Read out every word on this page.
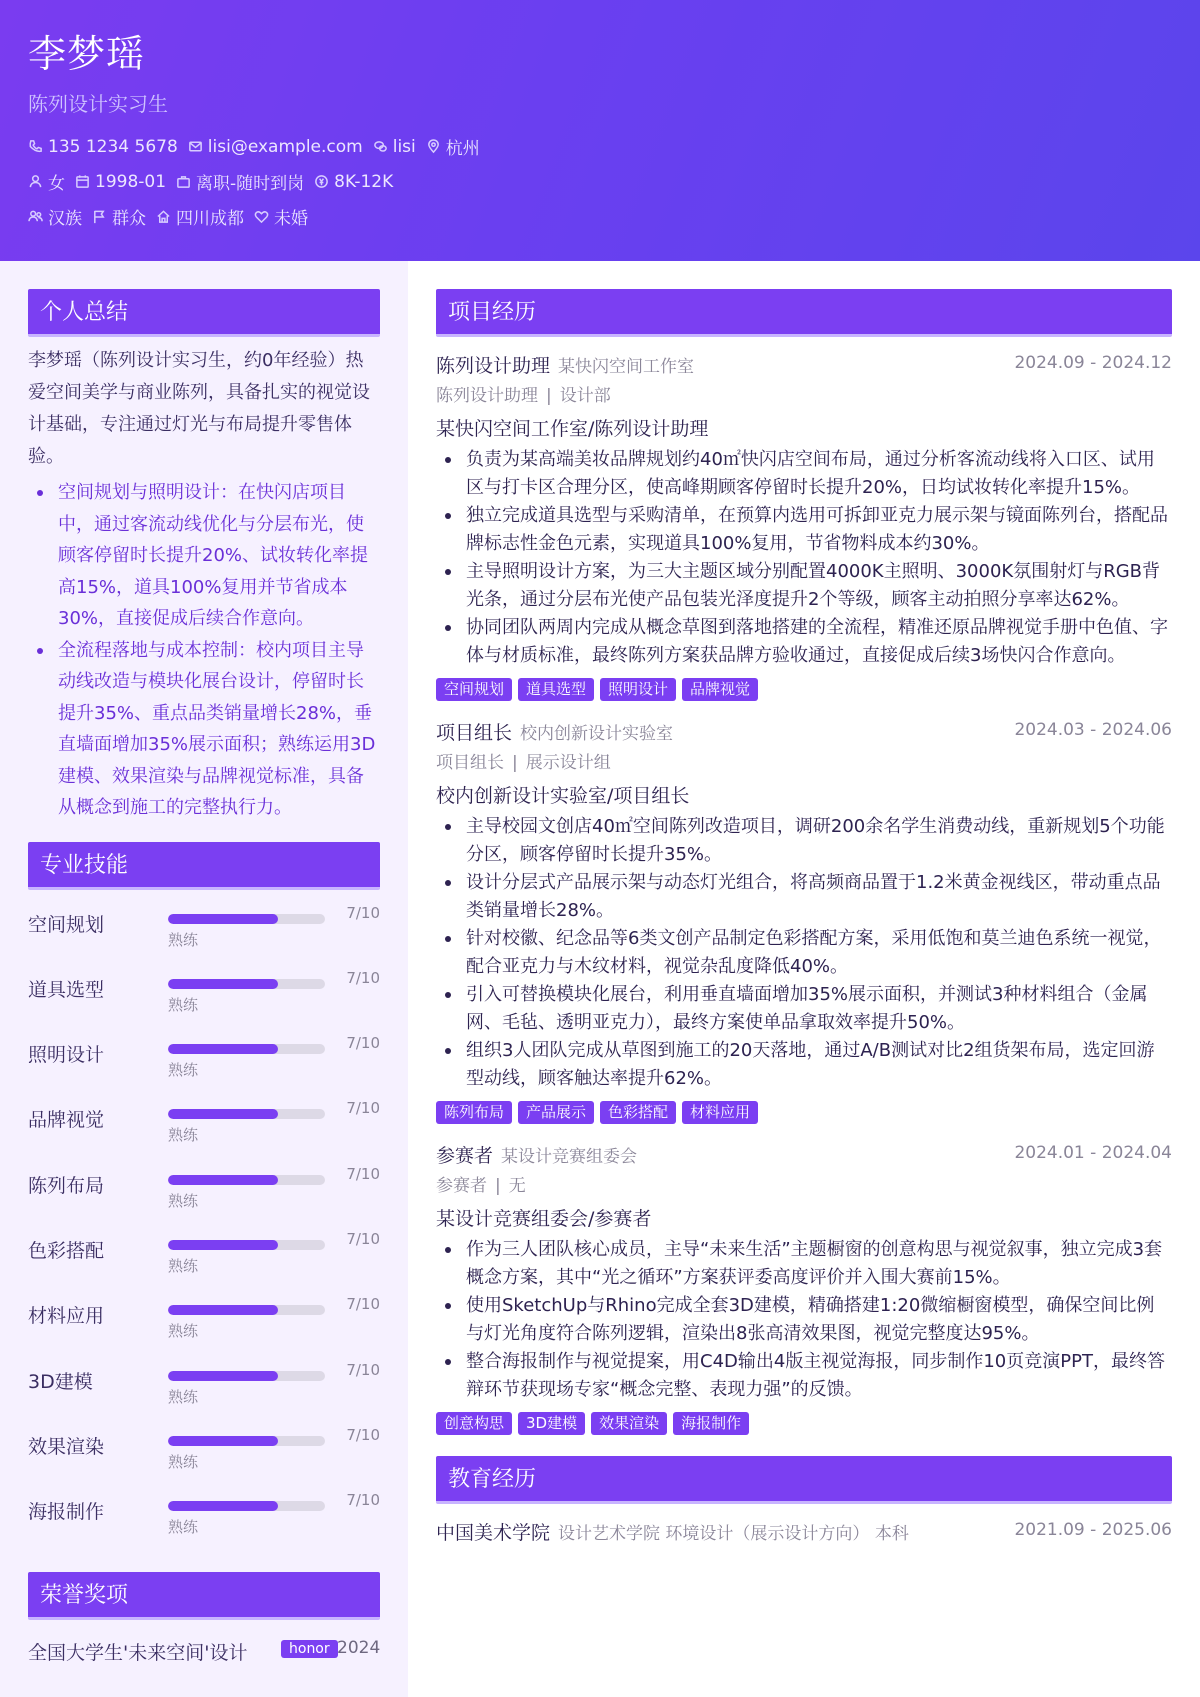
李梦瑶
陈列设计实习生
135 1234 5678 lisi@example.com lisi 杭州
女 1998-01 离职-随时到岗 8K-12K
汉族 群众 四川成都 未婚
个人总结
李梦瑶（陈列设计实习生，约0年经验）热爱空间美学与商业陈列，具备扎实的视觉设计基础，专注通过灯光与布局提升零售体验。
空间规划与照明设计：在快闪店项目中，通过客流动线优化与分层布光，使顾客停留时长提升20%、试妆转化率提高15%，道具100%复用并节省成本30%，直接促成后续合作意向。
全流程落地与成本控制：校内项目主导动线改造与模块化展台设计，停留时长提升35%、重点品类销量增长28%，垂直墙面增加35%展示面积；熟练运用3D建模、效果渲染与品牌视觉标准，具备从概念到施工的完整执行力。
专业技能
空间规划
7/10
熟练
道具选型
7/10
熟练
照明设计
7/10
熟练
品牌视觉
7/10
熟练
陈列布局
7/10
熟练
色彩搭配
7/10
熟练
材料应用
7/10
熟练
3D建模
7/10
熟练
效果渲染
7/10
熟练
海报制作
7/10
熟练
荣誉奖项
全国大学生'未来空间'设计	honor 2024
项目经历
陈列设计助理 某快闪空间工作室	2024.09 - 2024.12
陈列设计助理 | 设计部
某快闪空间工作室/陈列设计助理
负责为某高端美妆品牌规划约40㎡快闪店空间布局，通过分析客流动线将入口区、试用区与打卡区合理分区，使高峰期顾客停留时长提升20%，日均试妆转化率提升15%。
独立完成道具选型与采购清单，在预算内选用可拆卸亚克力展示架与镜面陈列台，搭配品牌标志性金色元素，实现道具100%复用，节省物料成本约30%。
主导照明设计方案，为三大主题区域分别配置4000K主照明、3000K氛围射灯与RGB背光条，通过分层布光使产品包装光泽度提升2个等级，顾客主动拍照分享率达62%。
协同团队两周内完成从概念草图到落地搭建的全流程，精准还原品牌视觉手册中色值、字体与材质标准，最终陈列方案获品牌方验收通过，直接促成后续3场快闪合作意向。
空间规划	道具选型	照明设计	品牌视觉
项目组长 校内创新设计实验室	2024.03 - 2024.06
项目组长 | 展示设计组
校内创新设计实验室/项目组长
主导校园文创店40㎡空间陈列改造项目，调研200余名学生消费动线，重新规划5个功能分区，顾客停留时长提升35%。
设计分层式产品展示架与动态灯光组合，将高频商品置于1.2米黄金视线区，带动重点品类销量增长28%。
针对校徽、纪念品等6类文创产品制定色彩搭配方案，采用低饱和莫兰迪色系统一视觉，配合亚克力与木纹材料，视觉杂乱度降低40%。
引入可替换模块化展台，利用垂直墙面增加35%展示面积，并测试3种材料组合（金属网、毛毡、透明亚克力），最终方案使单品拿取效率提升50%。
组织3人团队完成从草图到施工的20天落地，通过A/B测试对比2组货架布局，选定回游型动线，顾客触达率提升62%。
陈列布局	产品展示	色彩搭配	材料应用
参赛者 某设计竞赛组委会	2024.01 - 2024.04
参赛者 | 无
某设计竞赛组委会/参赛者
作为三人团队核心成员，主导“未来生活”主题橱窗的创意构思与视觉叙事，独立完成3套概念方案，其中“光之循环”方案获评委高度评价并入围大赛前15%。
使用SketchUp与Rhino完成全套3D建模，精确搭建1:20微缩橱窗模型，确保空间比例与灯光角度符合陈列逻辑，渲染出8张高清效果图，视觉完整度达95%。
整合海报制作与视觉提案，用C4D输出4版主视觉海报，同步制作10页竞演PPT，最终答辩环节获现场专家“概念完整、表现力强”的反馈。
创意构思	3D建模	效果渲染	海报制作
教育经历
中国美术学院 设计艺术学院 环境设计（展示设计方向） 本科	2021.09 - 2025.06
